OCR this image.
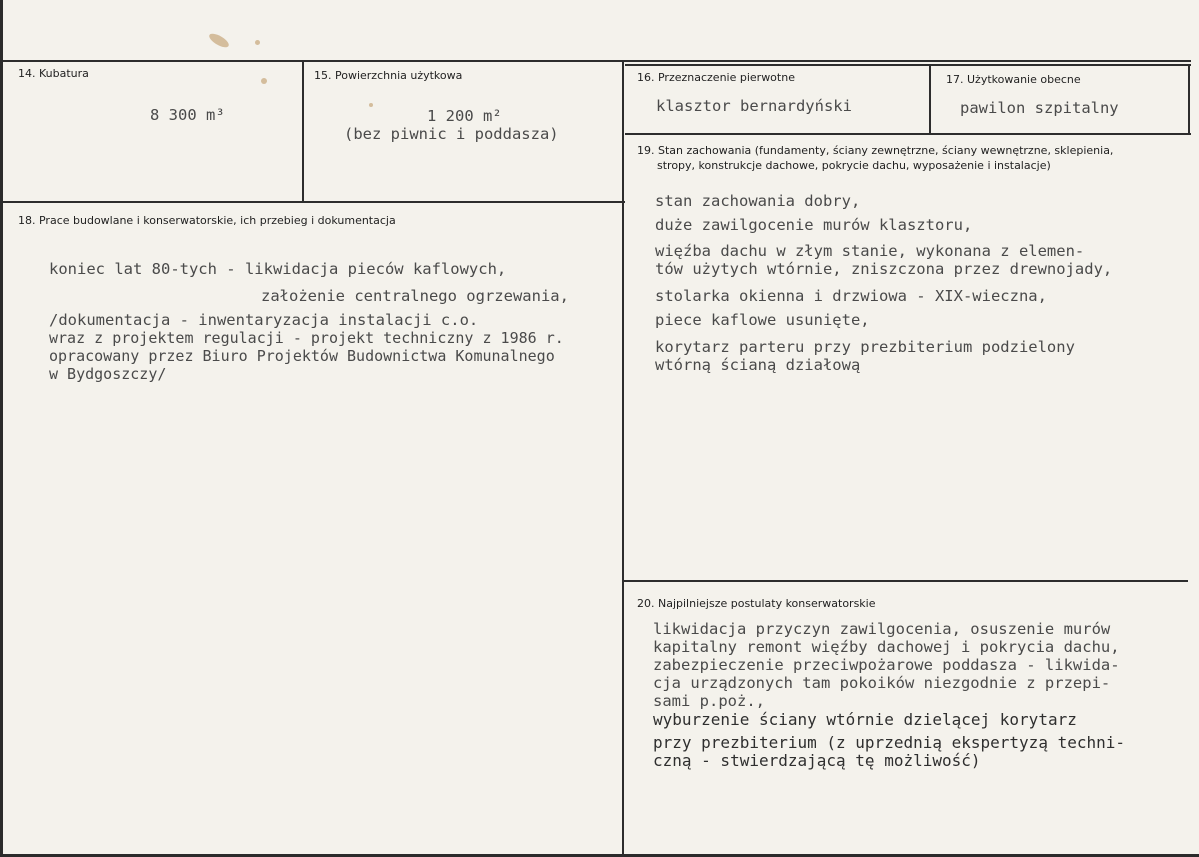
14. Kubatura
8 300 m³
15. Powierzchnia użytkowa
1 200 m²
(bez piwnic i poddasza)
16. Przeznaczenie pierwotne
klasztor bernardyński
17. Użytkowanie obecne
pawilon szpitalny
18. Prace budowlane i konserwatorskie, ich przebieg i dokumentacja
koniec lat 80-tych - likwidacja pieców kaflowych,
założenie centralnego ogrzewania,
/dokumentacja - inwentaryzacja instalacji c.o.
wraz z projektem regulacji - projekt techniczny z 1986 r.
opracowany przez Biuro Projektów Budownictwa Komunalnego
w Bydgoszczy/
19. Stan zachowania (fundamenty, ściany zewnętrzne, ściany wewnętrzne, sklepienia,
stropy, konstrukcje dachowe, pokrycie dachu, wyposażenie i instalacje)
stan zachowania dobry,
duże zawilgocenie murów klasztoru,
więźba dachu w złym stanie, wykonana z elemen-
tów użytych wtórnie, zniszczona przez drewnojady,
stolarka okienna i drzwiowa - XIX-wieczna,
piece kaflowe usunięte,
korytarz parteru przy prezbiterium podzielony
wtórną ścianą działową
20. Najpilniejsze postulaty konserwatorskie
likwidacja przyczyn zawilgocenia, osuszenie murów
kapitalny remont więźby dachowej i pokrycia dachu,
zabezpieczenie przeciwpożarowe poddasza - likwida-
cja urządzonych tam pokoików niezgodnie z przepi-
sami p.poż.,
wyburzenie ściany wtórnie dzielącej korytarz
przy prezbiterium (z uprzednią ekspertyzą techni-
czną - stwierdzającą tę możliwość)
